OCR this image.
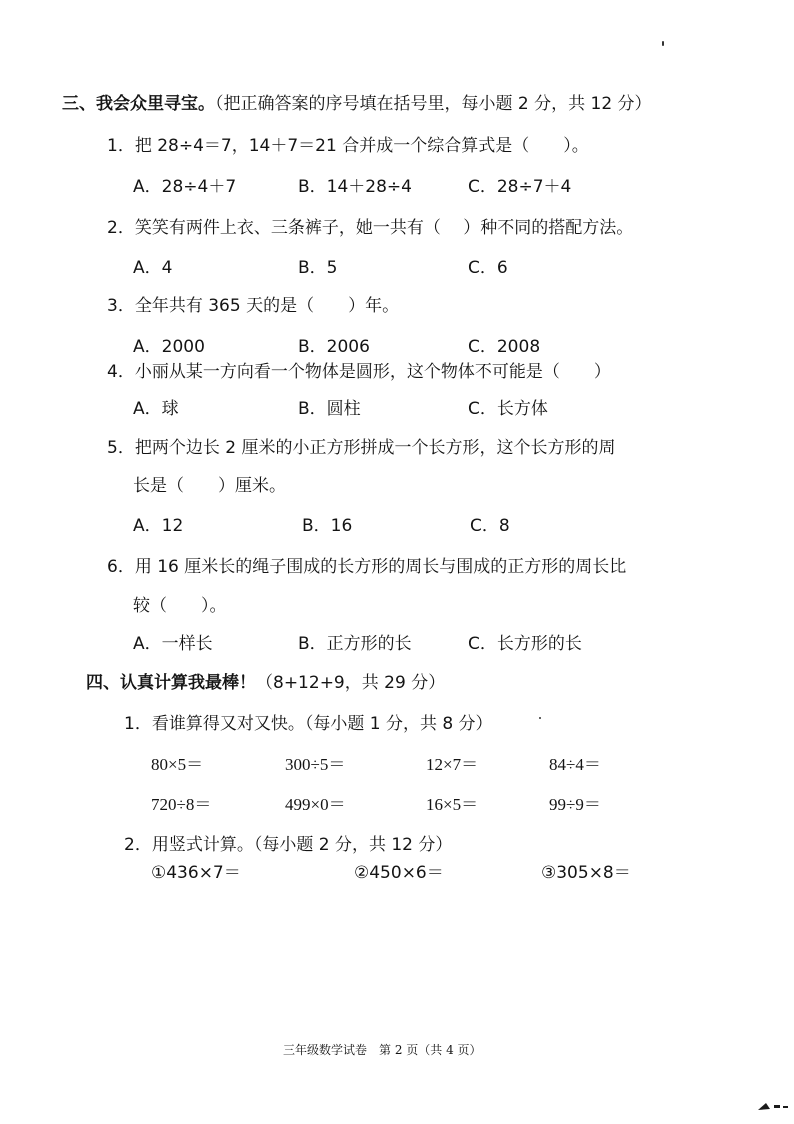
三、我会众里寻宝。（把正确答案的序号填在括号里，每小题 2 分，共 12 分）
1．把 28÷4＝7，14＋7＝21 合并成一个综合算式是（　　）。
A．28÷4＋7	B．14＋28÷4	C．28÷7＋4
2．笑笑有两件上衣、三条裤子，她一共有（　 ）种不同的搭配方法。
A．4	B．5	C．6
3．全年共有 365 天的是（　　）年。
A．2000	B．2006	C．2008
4．小丽从某一方向看一个物体是圆形，这个物体不可能是（　　）
A．球	B．圆柱	C．长方体
5．把两个边长 2 厘米的小正方形拼成一个长方形，这个长方形的周
长是（　　）厘米。
A．12	B．16	C．8
6．用 16 厘米长的绳子围成的长方形的周长与围成的正方形的周长比
较（　　）。
A．一样长	B．正方形的长	C．长方形的长
四、认真计算我最棒！（8+12+9，共 29 分）
1．看谁算得又对又快。（每小题 1 分，共 8 分）
80×5＝	300÷5＝	12×7＝	84÷4＝
720÷8＝	499×0＝	16×5＝	99÷9＝
2．用竖式计算。（每小题 2 分，共 12 分）
①436×7＝	②450×6＝	③305×8＝
三年级数学试卷　第 2 页（共 4 页）
